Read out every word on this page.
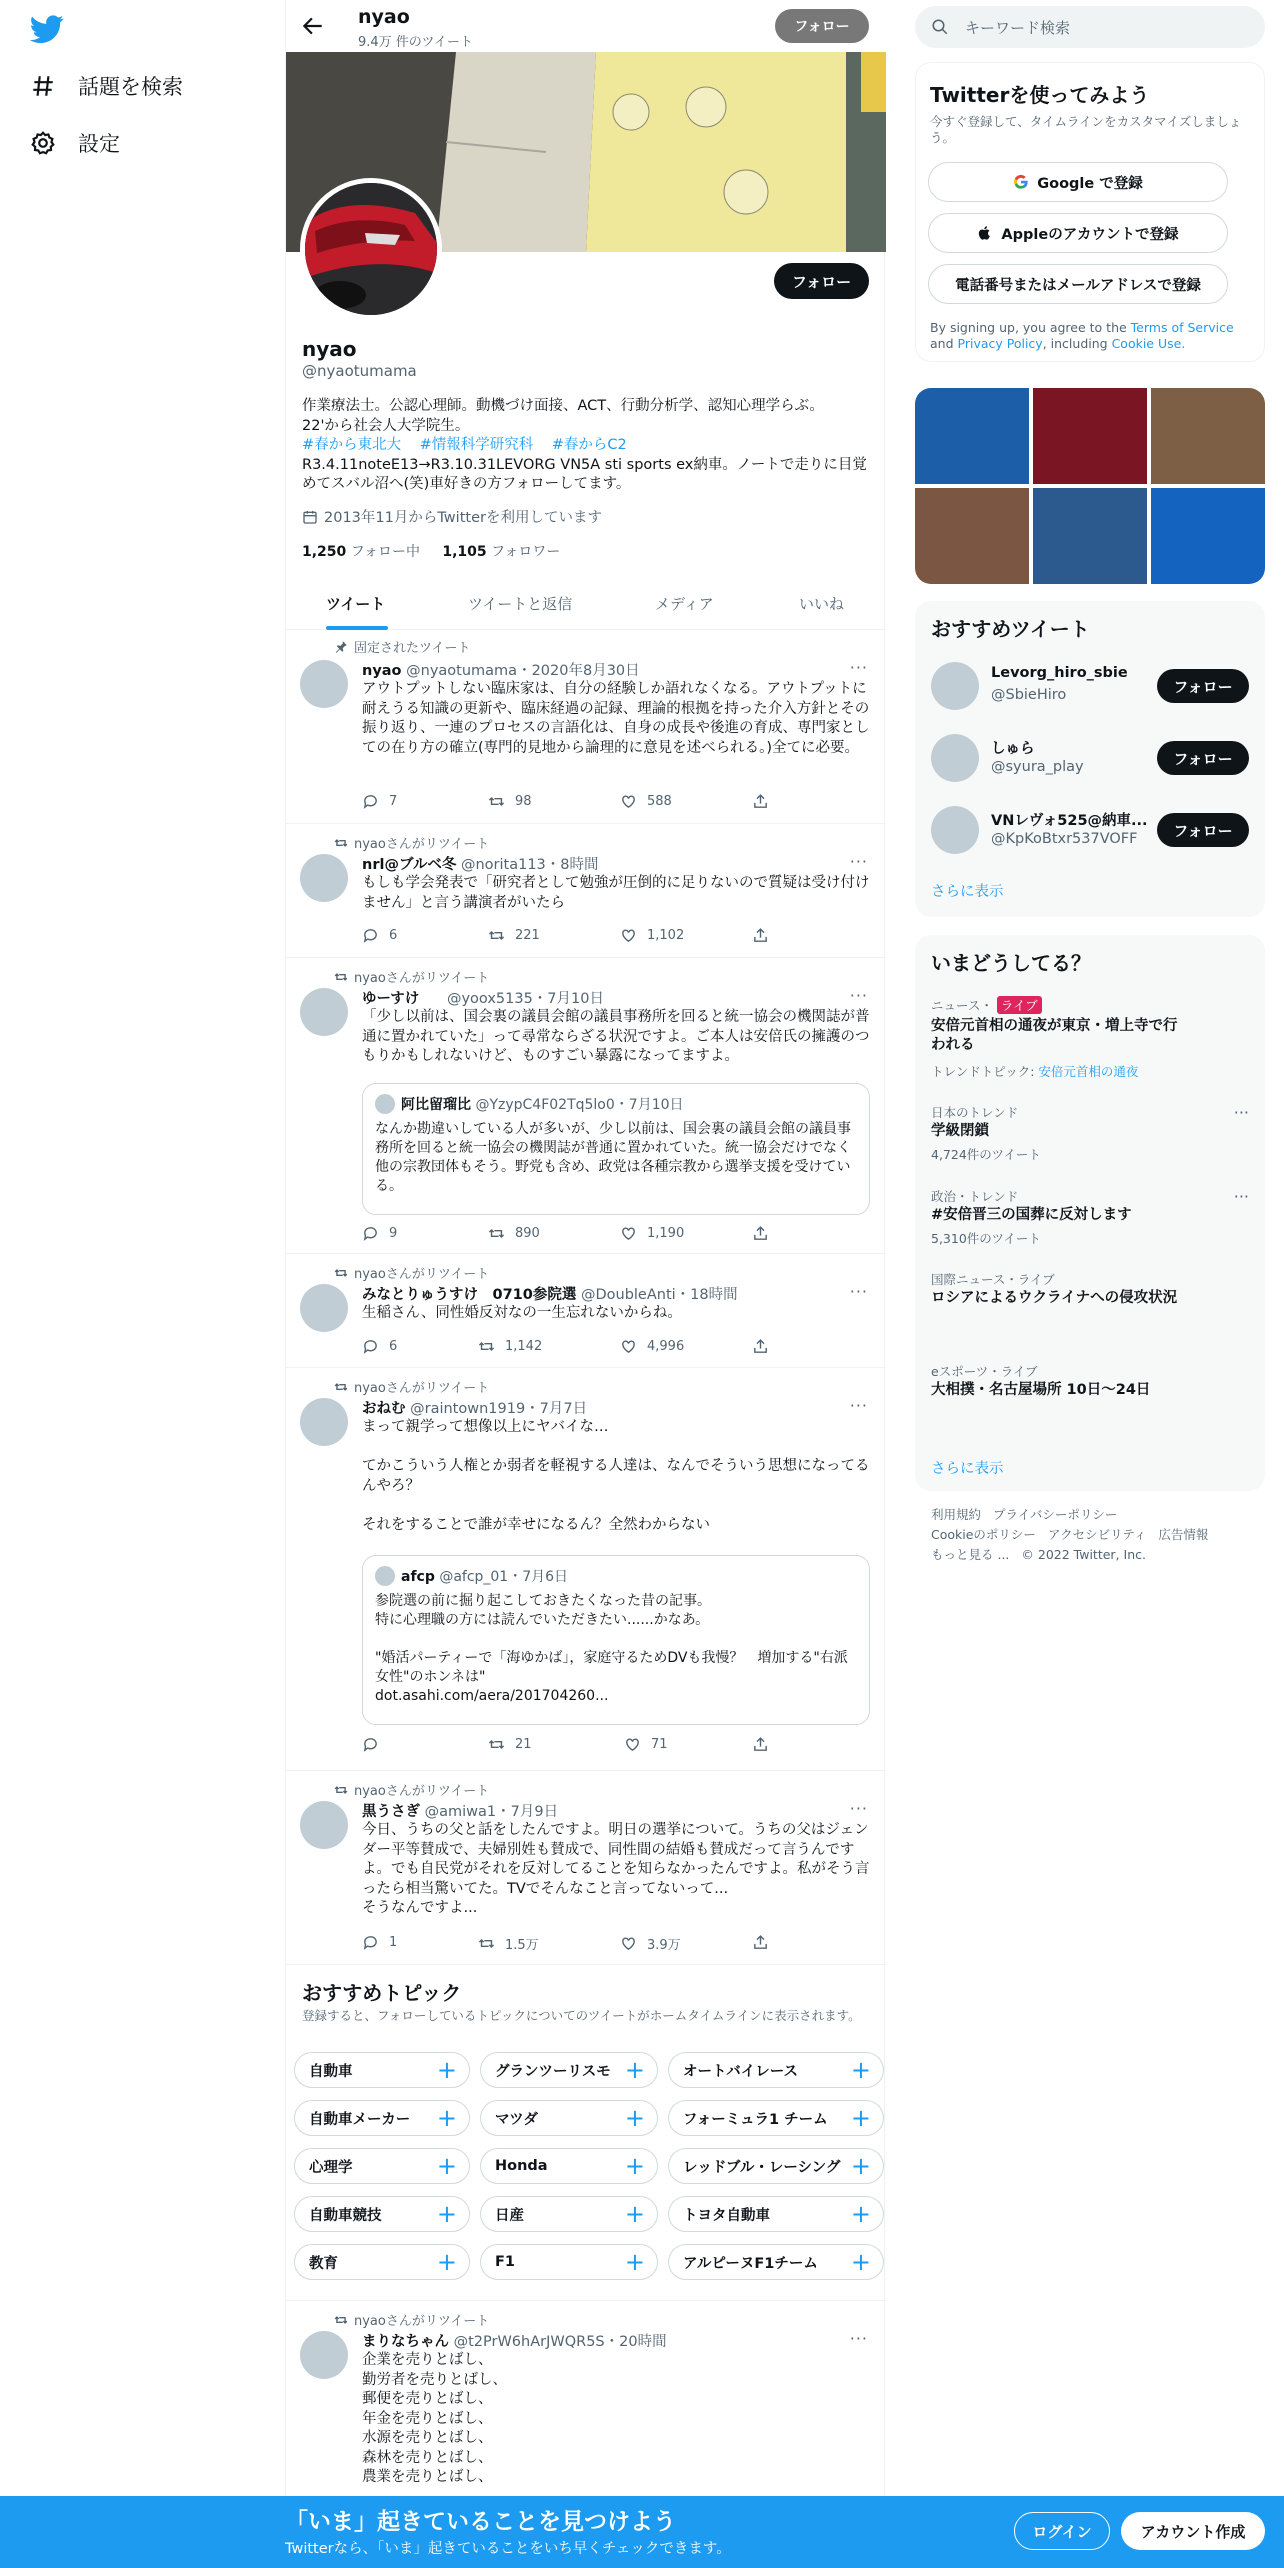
話題を検索
設定
nyao
9.4万 件のツイート
フォロー
フォロー
nyao
@nyaotumama
作業療法士。公認心理師。動機づけ面接、ACT、行動分析学、認知心理学らぶ。
22'から社会人大学院生。
#春から東北大 #情報科学研究科 #春からC2
R3.4.11noteE13→R3.10.31LEVORG VN5A sti sports ex納車。ノートで走りに目覚めてスバル沼へ(笑)車好きの方フォローしてます。
2013年11月からTwitterを利用しています
1,250 フォロー中 1,105 フォロワー
ツイート	ツイートと返信	メディア	いいね
固定されたツイート
nyao @nyaotumama・2020年8月30日	···
アウトプットしない臨床家は、自分の経験しか語れなくなる。アウトプットに耐えうる知識の更新や、臨床経過の記録、理論的根拠を持った介入方針とその振り返り、一連のプロセスの言語化は、自身の成長や後進の育成、専門家としての在り方の確立(専門的見地から論理的に意見を述べられる。)全てに必要。
7	98	588
nyaoさんがリツイート
nrl@ブルベ冬 @norita113・8時間	···
もしも学会発表で「研究者として勉強が圧倒的に足りないので質疑は受け付けません」と言う講演者がいたら
6	221	1,102
nyaoさんがリツイート
ゆーすけ @yoox5135・7月10日	···
「少し以前は、国会裏の議員会館の議員事務所を回ると統一協会の機関誌が普通に置かれていた」って尋常ならざる状況ですよ。ご本人は安倍氏の擁護のつもりかもしれないけど、ものすごい暴露になってますよ。
阿比留瑠比 @YzypC4F02Tq5lo0・7月10日
なんか勘違いしている人が多いが、少し以前は、国会裏の議員会館の議員事務所を回ると統一協会の機関誌が普通に置かれていた。統一協会だけでなく他の宗教団体もそう。野党も含め、政党は各種宗教から選挙支援を受けている。
9	890	1,190
nyaoさんがリツイート
みなとりゅうすけ　0710参院選 @DoubleAnti・18時間	···
生稲さん、同性婚反対なの一生忘れないからね。
6	1,142	4,996
nyaoさんがリツイート
おねむ @raintown1919・7月7日	···
まって親学って想像以上にヤバイな…

てかこういう人権とか弱者を軽視する人達は、なんでそういう思想になってるんやろ？

それをすることで誰が幸せになるん？全然わからない
afcp @afcp_01・7月6日
参院選の前に掘り起こしておきたくなった昔の記事。
特に心理職の方には読んでいただきたい......かなあ。

"婚活パーティーで「海ゆかば」，家庭守るためDVも我慢？　増加する"右派女性"のホンネは"
dot.asahi.com/aera/201704260...
21	71
nyaoさんがリツイート
黒うさぎ @amiwa1・7月9日	···
今日、うちの父と話をしたんですよ。明日の選挙について。うちの父はジェンダー平等賛成で、夫婦別姓も賛成で、同性間の結婚も賛成だって言うんですよ。でも自民党がそれを反対してることを知らなかったんですよ。私がそう言ったら相当驚いてた。TVでそんなこと言ってないって...
そうなんですよ...
1	1.5万	3.9万
おすすめトピック
登録すると、フォローしているトピックについてのツイートがホームタイムラインに表示されます。
自動車	+	グランツーリスモ +	オートバイレース +
自動車メーカー +	マツダ	+	フォーミュラ1 チーム +
心理学	+	Honda	+	レッドブル・レーシング +
自動車競技 +	日産	+	トヨタ自動車	+
教育	+	F1	+	アルピーヌF1チーム +
nyaoさんがリツイート
まりなちゃん @t2PrW6hArJWQR5S・20時間	···
企業を売りとばし、
勤労者を売りとばし、
郵便を売りとばし、
年金を売りとばし、
水源を売りとばし、
森林を売りとばし、
農業を売りとばし、
キーワード検索
Twitterを使ってみよう
今すぐ登録して、タイムラインをカスタマイズしましょう。
Google で登録
Appleのアカウントで登録
電話番号またはメールアドレスで登録
By signing up, you agree to the Terms of Service and Privacy Policy, including Cookie Use.
おすすめツイート
Levorg_hiro_sbie
@SbieHiro	フォロー
しゅら
@syura_play	フォロー
VNレヴォ525@納車...
@KpKoBtxr537VOFF	フォロー
さらに表示
いまどうしてる？
ニュース・ ライブ
安倍元首相の通夜が東京・増上寺で行われる
トレンドトピック: 安倍元首相の通夜
日本のトレンド	···
学級閉鎖
4,724件のツイート
政治・トレンド	···
#安倍晋三の国葬に反対します
5,310件のツイート
国際ニュース・ライブ
ロシアによるウクライナへの侵攻状況
eスポーツ・ライブ
大相撲・名古屋場所 10日〜24日
さらに表示
利用規約 プライバシーポリシー
Cookieのポリシー アクセシビリティ 広告情報
もっと見る ... © 2022 Twitter, Inc.
「いま」起きていることを見つけよう
Twitterなら、「いま」起きていることをいち早くチェックできます。
ログイン	アカウント作成
